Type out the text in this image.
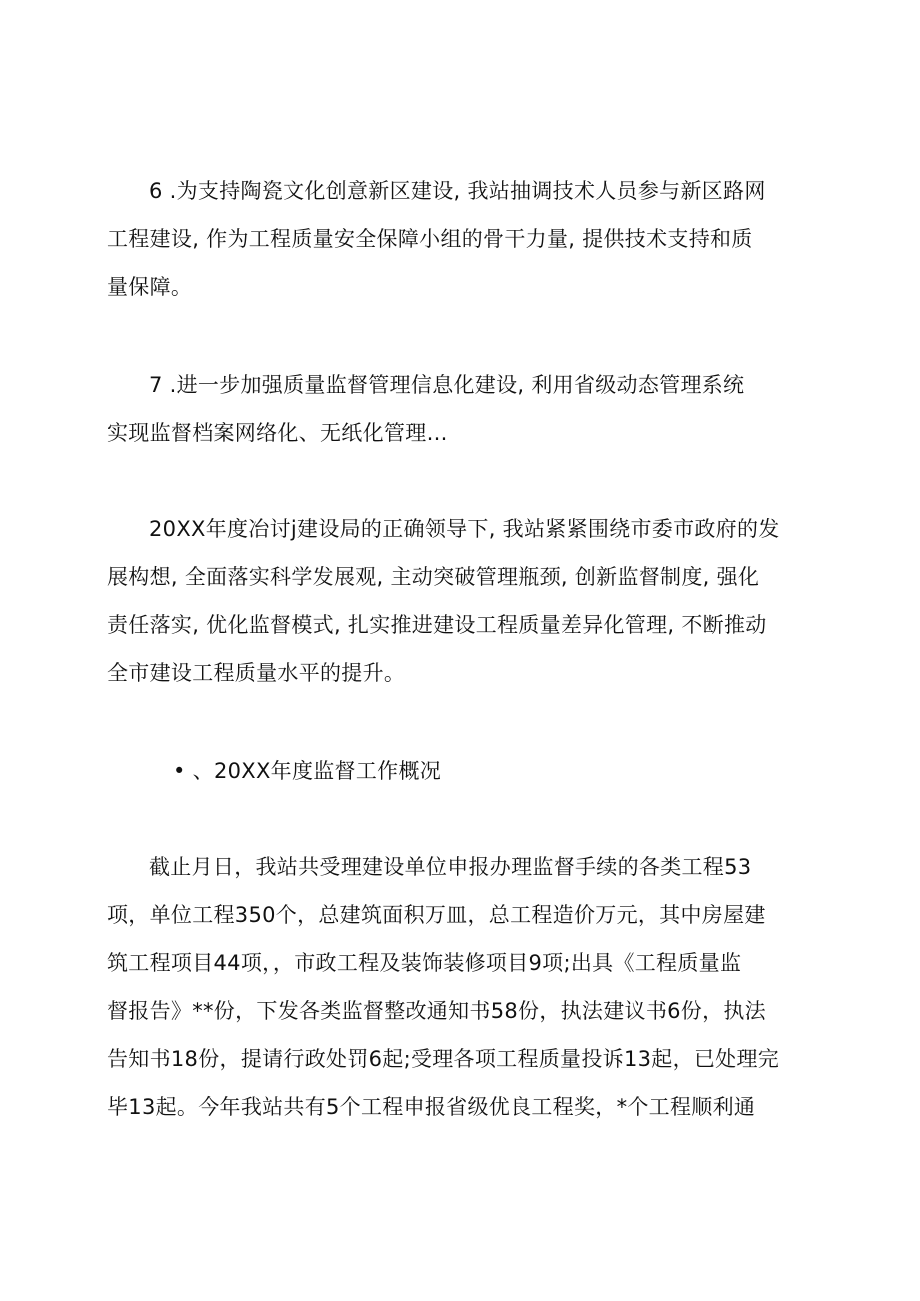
6 .为支持陶瓷文化创意新区建设, 我站抽调技术人员参与新区路网

工程建设, 作为工程质量安全保障小组的骨干力量, 提供技术支持和质

量保障。

7 .进一步加强质量监督管理信息化建设, 利用省级动态管理系统

实现监督档案网络化、无纸化管理…

20XX年度冶讨j建设局的正确领导下, 我站紧紧围绕市委市政府的发

展构想, 全面落实科学发展观, 主动突破管理瓶颈, 创新监督制度, 强化

责任落实, 优化监督模式, 扎实推进建设工程质量差异化管理, 不断推动

全市建设工程质量水平的提升。

• 、20XX年度监督工作概况

截止月日，我站共受理建设单位申报办理监督手续的各类工程53

项，单位工程350个，总建筑面积万皿，总工程造价万元，其中房屋建

筑工程项目44项，，市政工程及装饰装修项目9项;出具《工程质量监

督报告》**份，下发各类监督整改通知书58份，执法建议书6份，执法

告知书18份，提请行政处罚6起;受理各项工程质量投诉13起，已处理完

毕13起。今年我站共有5个工程申报省级优良工程奖，*个工程顺利通
